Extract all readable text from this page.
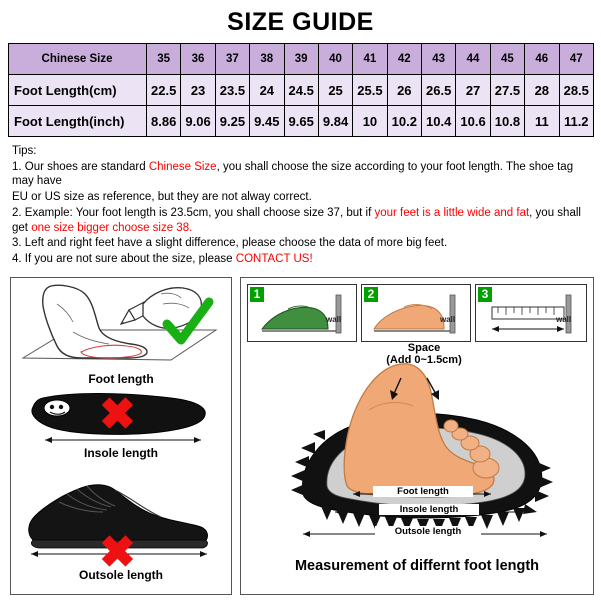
SIZE GUIDE
Chinese Size	35	36	37	38	39	40	41	42	43	44	45	46	47
Foot Length(cm)	22.5	23	23.5	24	24.5	25	25.5	26	26.5	27	27.5	28	28.5
Foot Length(inch)	8.86	9.06	9.25	9.45	9.65	9.84	10	10.2	10.4	10.6	10.8	11	11.2
Tips:
1. Our shoes are standard Chinese Size, you shall choose the size according to your foot length. The shoe tag may have
EU or US size as reference, but they are not alway correct.
2. Example: Your foot length is 23.5cm, you shall choose size 37, but if your feet is a little wide and fat, you shall get one size bigger choose size 38.
3. Left and right feet have a slight difference, please choose the data of more big feet.
4. If you are not sure about the size, please CONTACT US!
Foot length
✖
Insole length
✖
Outsole length
1
wall
2
wall
3
wall
Space
(Add 0~1.5cm)
Foot length
Insole length
Outsole length
Measurement of differnt foot length
